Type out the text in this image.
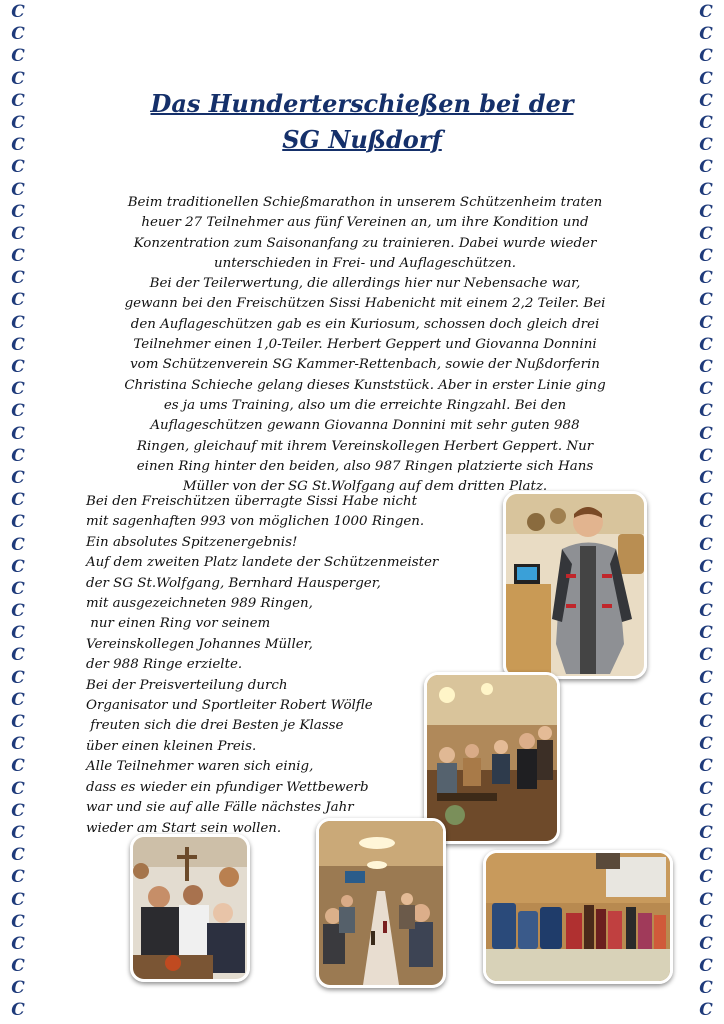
C
C
C
C
C
C
C
C
C
C
C
C
C
C
C
C
C
C
C
C
C
C
C
C
C
C
C
C
C
C
C
C
C
C
C
C
C
C
C
C
C
C
C
C
C
C
C
C
C
C
C
C
C
C
C
C
C
C
C
C
C
C
C
C
C
C
C
C
C
C
C
C
C
C
C
C
C
C
C
C
C
C
C
C
C
C
C
C
C
C
C
C
Das Hunderterschießen bei der
SG Nußdorf

Beim traditionellen Schießmarathon in unserem Schützenheim traten

heuer 27 Teilnehmer aus fünf Vereinen an, um ihre Kondition und

Konzentration zum Saisonanfang zu trainieren. Dabei wurde wieder

unterschieden in Frei- und Auflageschützen.

Bei der Teilerwertung, die allerdings hier nur Nebensache war,

gewann bei den Freischützen Sissi Habenicht mit einem 2,2 Teiler. Bei

den Auflageschützen gab es ein Kuriosum, schossen doch gleich drei

Teilnehmer einen 1,0-Teiler. Herbert Geppert und Giovanna Donnini

vom Schützenverein SG Kammer-Rettenbach, sowie der Nußdorferin

Christina Schieche gelang dieses Kunststück. Aber in erster Linie ging

es ja ums Training, also um die erreichte Ringzahl. Bei den

Auflageschützen gewann Giovanna Donnini mit sehr guten 988

Ringen, gleichauf mit ihrem Vereinskollegen Herbert Geppert. Nur

einen Ring hinter den beiden, also 987 Ringen platzierte sich Hans

Müller von der SG St.Wolfgang auf dem dritten Platz.

Bei den Freischützen überragte Sissi Habe nicht
mit sagenhaften 993 von möglichen 1000 Ringen.
Ein absolutes Spitzenergebnis!
Auf dem zweiten Platz landete der Schützenmeister
der SG St.Wolfgang, Bernhard Hausperger,
mit ausgezeichneten 989 Ringen,
nur einen Ring vor seinem
Vereinskollegen Johannes Müller,
der 988 Ringe erzielte.
Bei der Preisverteilung durch
Organisator und Sportleiter Robert Wölfle
freuten sich die drei Besten je Klasse
über einen kleinen Preis.
Alle Teilnehmer waren sich einig,
dass es wieder ein pfundiger Wettbewerb
war und sie auf alle Fälle nächstes Jahr
wieder am Start sein wollen.
